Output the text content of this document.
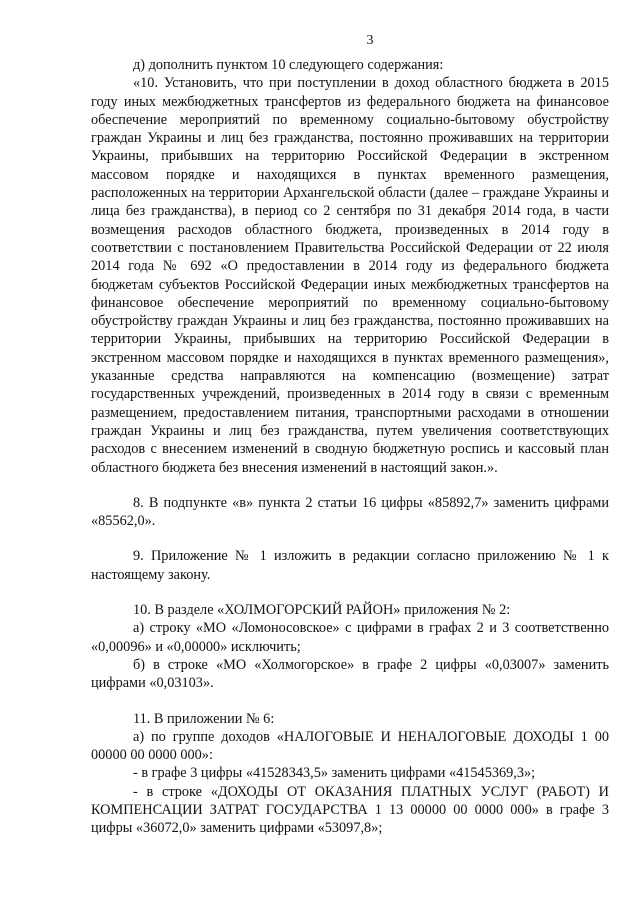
3

д) дополнить пунктом 10 следующего содержания:

«10. Установить, что при поступлении в доход областного бюджета в 2015 году иных межбюджетных трансфертов из федерального бюджета на финансовое обеспечение мероприятий по временному социально-бытовому обустройству граждан Украины и лиц без гражданства, постоянно проживавших на территории Украины, прибывших на территорию Российской Федерации в экстренном массовом порядке и находящихся в пунктах временного размещения, расположенных на территории Архангельской области (далее – граждане Украины и лица без гражданства), в период со 2 сентября по 31 декабря 2014 года, в части возмещения расходов областного бюджета, произведенных в 2014 году в соответствии с постановлением Правительства Российской Федерации от 22 июля 2014 года № 692 «О предоставлении в 2014 году из федерального бюджета бюджетам субъектов Российской Федерации иных межбюджетных трансфертов на финансовое обеспечение мероприятий по временному социально-бытовому обустройству граждан Украины и лиц без гражданства, постоянно проживавших на территории Украины, прибывших на территорию Российской Федерации в экстренном массовом порядке и находящихся в пунктах временного размещения», указанные средства направляются на компенсацию (возмещение) затрат государственных учреждений, произведенных в 2014 году в связи с временным размещением, предоставлением питания, транспортными расходами в отношении граждан Украины и лиц без гражданства, путем увеличения соответствующих расходов с внесением изменений в сводную бюджетную роспись и кассовый план областного бюджета без внесения изменений в настоящий закон.».

8. В подпункте «в» пункта 2 статьи 16 цифры «85892,7» заменить цифрами «85562,0».

9. Приложение № 1 изложить в редакции согласно приложению № 1 к настоящему закону.

10. В разделе «ХОЛМОГОРСКИЙ РАЙОН» приложения № 2:

а) строку «МО «Ломоносовское» с цифрами в графах 2 и 3 соответственно «0,00096» и «0,00000» исключить;

б) в строке «МО «Холмогорское» в графе 2 цифры «0,03007» заменить цифрами «0,03103».

11. В приложении № 6:

а) по группе доходов «НАЛОГОВЫЕ И НЕНАЛОГОВЫЕ ДОХОДЫ 1 00 00000 00 0000 000»:

- в графе 3 цифры «41528343,5» заменить цифрами «41545369,3»;

- в строке «ДОХОДЫ ОТ ОКАЗАНИЯ ПЛАТНЫХ УСЛУГ (РАБОТ) И КОМПЕНСАЦИИ ЗАТРАТ ГОСУДАРСТВА 1 13 00000 00 0000 000» в графе 3 цифры «36072,0» заменить цифрами «53097,8»;
